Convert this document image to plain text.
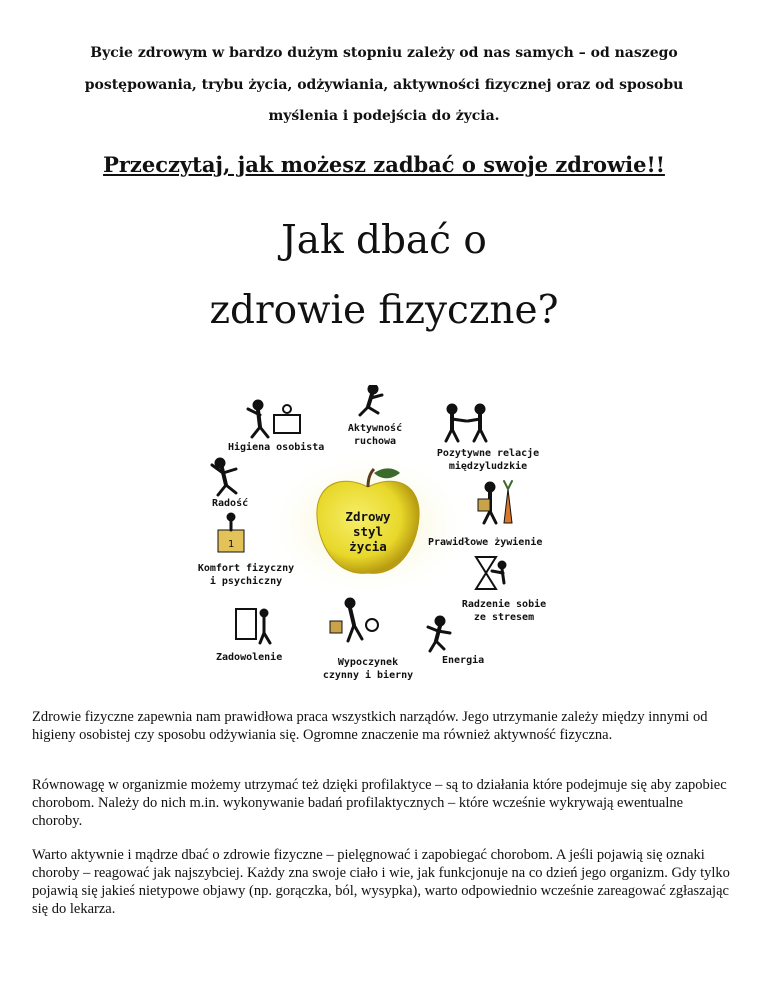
Bycie zdrowym w bardzo dużym stopniu zależy od nas samych – od naszego
postępowania, trybu życia, odżywiania, aktywności fizycznej oraz od sposobu
myślenia i podejścia do życia.
Przeczytaj, jak możesz zadbać o swoje zdrowie!!
Jak dbać o
zdrowie fizyczne?
1
Zdrowy
styl
życia
Higiena osobista
Aktywność
ruchowa
Pozytywne relacje
międzyludzkie
Radość
Prawidłowe żywienie
Komfort fizyczny
i psychiczny
Radzenie sobie
ze stresem
Zadowolenie	Wypoczynek
czynny i bierny
Energia
Zdrowie fizyczne zapewnia nam prawidłowa praca wszystkich narządów. Jego utrzymanie zależy między innymi od higieny osobistej czy sposobu odżywiania się. Ogromne znaczenie ma również aktywność fizyczna.
Równowagę w organizmie możemy utrzymać też dzięki profilaktyce – są to działania które podejmuje się aby zapobiec chorobom. Należy do nich m.in. wykonywanie badań profilaktycznych – które wcześnie wykrywają ewentualne choroby.
Warto aktywnie i mądrze dbać o zdrowie fizyczne – pielęgnować i zapobiegać chorobom. A jeśli pojawią się oznaki choroby – reagować jak najszybciej. Każdy zna swoje ciało i wie, jak funkcjonuje na co dzień jego organizm. Gdy tylko pojawią się jakieś nietypowe objawy (np. gorączka, ból, wysypka), warto odpowiednio wcześnie zareagować zgłaszając się do lekarza.
